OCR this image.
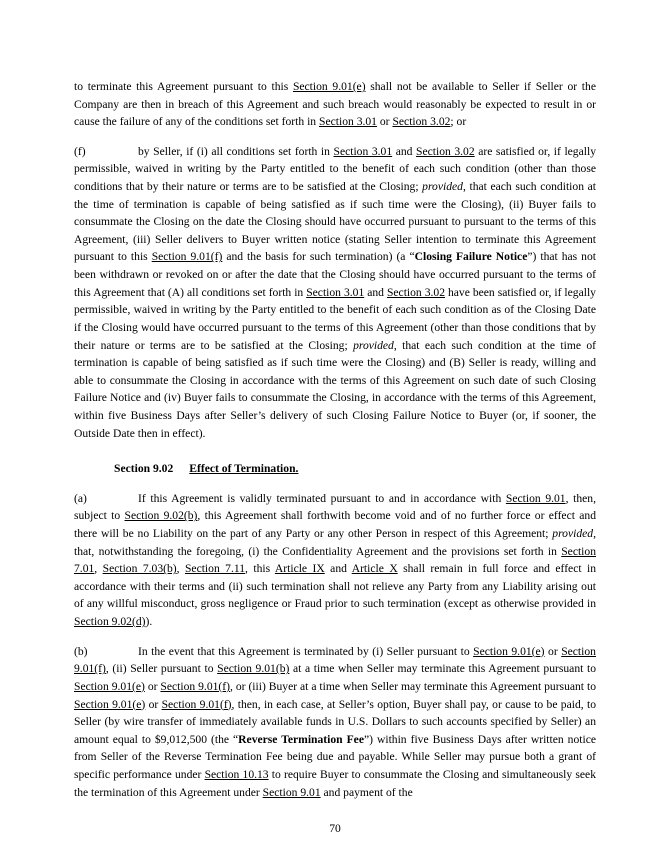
to terminate this Agreement pursuant to this Section 9.01(e) shall not be available to Seller if Seller or the Company are then in breach of this Agreement and such breach would reasonably be expected to result in or cause the failure of any of the conditions set forth in Section 3.01 or Section 3.02; or

(f)	by Seller, if (i) all conditions set forth in Section 3.01 and Section 3.02 are satisfied or, if legally permissible, waived in writing by the Party entitled to the benefit of each such condition (other than those conditions that by their nature or terms are to be satisfied at the Closing; provided, that each such condition at the time of termination is capable of being satisfied as if such time were the Closing), (ii) Buyer fails to consummate the Closing on the date the Closing should have occurred pursuant to pursuant to the terms of this Agreement, (iii) Seller delivers to Buyer written notice (stating Seller intention to terminate this Agreement pursuant to this Section 9.01(f) and the basis for such termination) (a “Closing Failure Notice”) that has not been withdrawn or revoked on or after the date that the Closing should have occurred pursuant to the terms of this Agreement that (A) all conditions set forth in Section 3.01 and Section 3.02 have been satisfied or, if legally permissible, waived in writing by the Party entitled to the benefit of each such condition as of the Closing Date if the Closing would have occurred pursuant to the terms of this Agreement (other than those conditions that by their nature or terms are to be satisfied at the Closing; provided, that each such condition at the time of termination is capable of being satisfied as if such time were the Closing) and (B) Seller is ready, willing and able to consummate the Closing in accordance with the terms of this Agreement on such date of such Closing Failure Notice and (iv) Buyer fails to consummate the Closing, in accordance with the terms of this Agreement, within five Business Days after Seller’s delivery of such Closing Failure Notice to Buyer (or, if sooner, the Outside Date then in effect).

Section 9.02 Effect of Termination.

(a)	If this Agreement is validly terminated pursuant to and in accordance with Section 9.01, then, subject to Section 9.02(b), this Agreement shall forthwith become void and of no further force or effect and there will be no Liability on the part of any Party or any other Person in respect of this Agreement; provided, that, notwithstanding the foregoing, (i) the Confidentiality Agreement and the provisions set forth in Section 7.01, Section 7.03(b), Section 7.11, this Article IX and Article X shall remain in full force and effect in accordance with their terms and (ii) such termination shall not relieve any Party from any Liability arising out of any willful misconduct, gross negligence or Fraud prior to such termination (except as otherwise provided in Section 9.02(d)).

(b)	In the event that this Agreement is terminated by (i) Seller pursuant to Section 9.01(e) or Section 9.01(f), (ii) Seller pursuant to Section 9.01(b) at a time when Seller may terminate this Agreement pursuant to Section 9.01(e) or Section 9.01(f), or (iii) Buyer at a time when Seller may terminate this Agreement pursuant to Section 9.01(e) or Section 9.01(f), then, in each case, at Seller’s option, Buyer shall pay, or cause to be paid, to Seller (by wire transfer of immediately available funds in U.S. Dollars to such accounts specified by Seller) an amount equal to $9,012,500 (the “Reverse Termination Fee”) within five Business Days after written notice from Seller of the Reverse Termination Fee being due and payable. While Seller may pursue both a grant of specific performance under Section 10.13 to require Buyer to consummate the Closing and simultaneously seek the termination of this Agreement under Section 9.01 and payment of the

70
